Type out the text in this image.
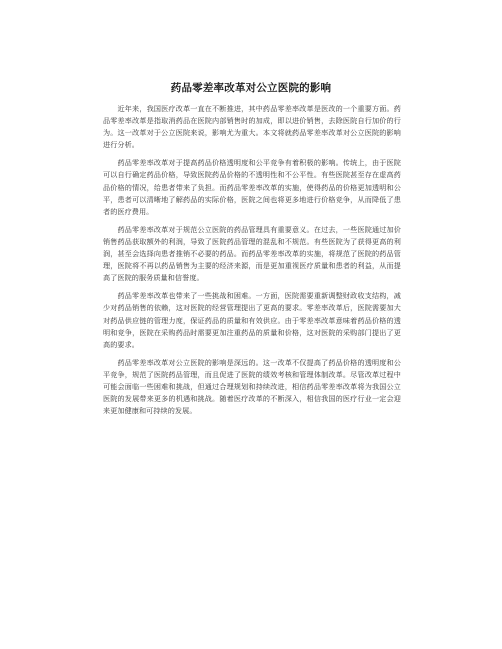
药品零差率改革对公立医院的影响

近年来，我国医疗改革一直在不断推进，其中药品零差率改革是医改的一个重要方面。药品零差率改革是指取消药品在医院内部销售时的加成，即以进价销售，去除医院自行加价的行为。这一改革对于公立医院来说，影响尤为重大。本文将就药品零差率改革对公立医院的影响进行分析。

药品零差率改革对于提高药品价格透明度和公平竞争有着积极的影响。传统上，由于医院可以自行确定药品价格，导致医院药品价格的不透明性和不公平性。有些医院甚至存在虚高药品价格的情况，给患者带来了负担。而药品零差率改革的实施，使得药品的价格更加透明和公平，患者可以清晰地了解药品的实际价格，医院之间也将更多地进行价格竞争，从而降低了患者的医疗费用。

药品零差率改革对于规范公立医院的药品管理具有重要意义。在过去，一些医院通过加价销售药品获取额外的利润，导致了医院药品管理的混乱和不规范。有些医院为了获得更高的利润，甚至会选择向患者推销不必要的药品。而药品零差率改革的实施，将规范了医院的药品管理，医院将不再以药品销售为主要的经济来源，而是更加重视医疗质量和患者的利益，从而提高了医院的服务质量和信誉度。

药品零差率改革也带来了一些挑战和困难。一方面，医院需要重新调整财政收支结构，减少对药品销售的依赖，这对医院的经营管理提出了更高的要求。零差率改革后，医院需要加大对药品供应链的管理力度，保证药品的质量和有效供应。由于零差率改革意味着药品价格的透明和竞争，医院在采购药品时需要更加注重药品的质量和价格，这对医院的采购部门提出了更高的要求。

药品零差率改革对公立医院的影响是深远的。这一改革不仅提高了药品价格的透明度和公平竞争，规范了医院药品管理，而且促进了医院的绩效考核和管理体制改革。尽管改革过程中可能会面临一些困难和挑战，但通过合理规划和持续改进，相信药品零差率改革将为我国公立医院的发展带来更多的机遇和挑战。随着医疗改革的不断深入，相信我国的医疗行业一定会迎来更加健康和可持续的发展。
